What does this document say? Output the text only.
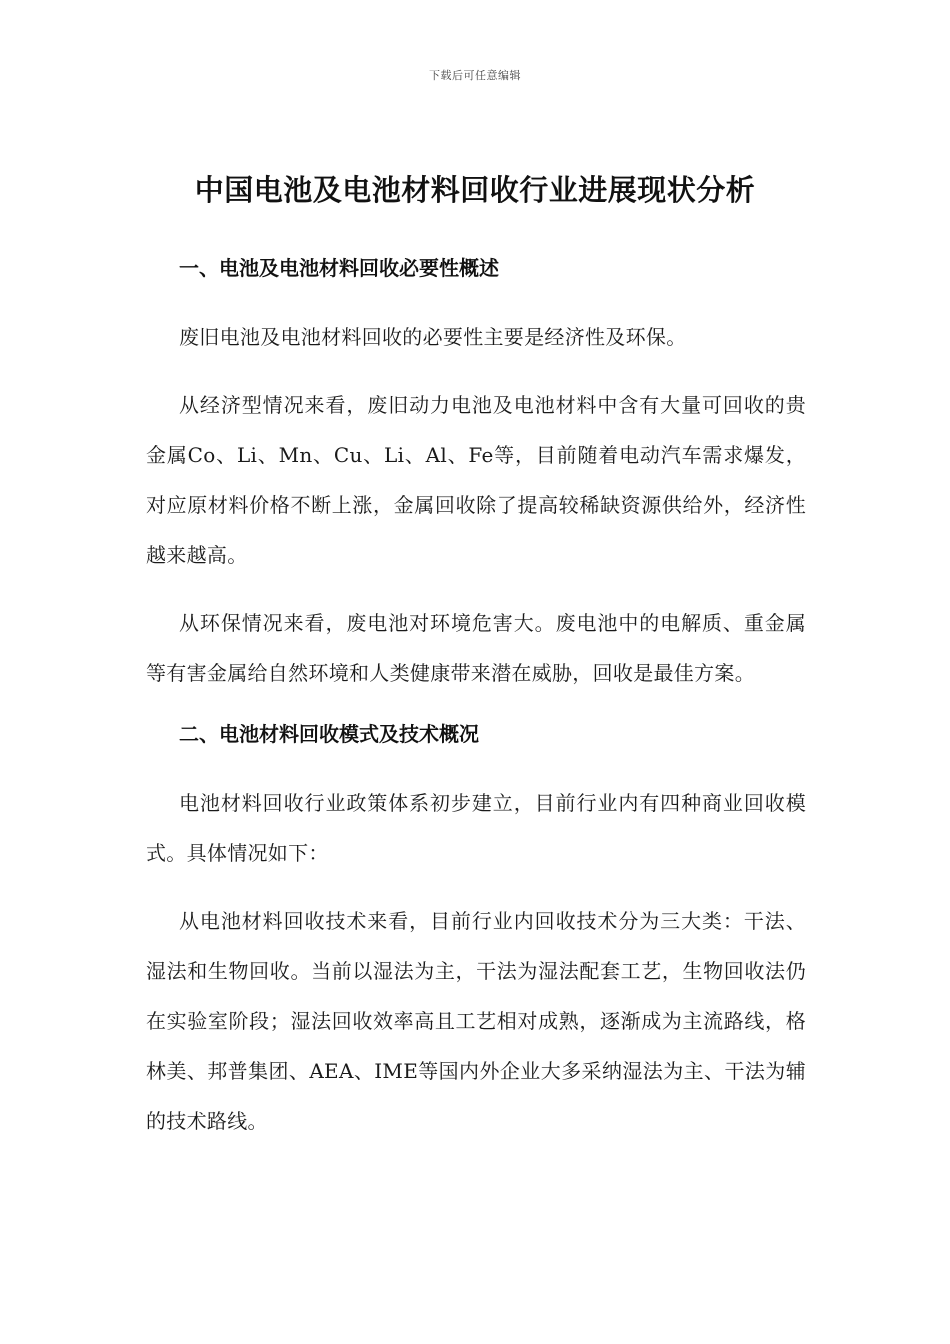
下载后可任意编辑
中国电池及电池材料回收行业进展现状分析
一、电池及电池材料回收必要性概述

废旧电池及电池材料回收的必要性主要是经济性及环保。

从经济型情况来看，废旧动力电池及电池材料中含有大量可回收的贵金属Co、Li、Mn、Cu、Li、Al、Fe等，目前随着电动汽车需求爆发，对应原材料价格不断上涨，金属回收除了提高较稀缺资源供给外，经济性越来越高。

从环保情况来看，废电池对环境危害大。废电池中的电解质、重金属等有害金属给自然环境和人类健康带来潜在威胁，回收是最佳方案。

二、电池材料回收模式及技术概况

电池材料回收行业政策体系初步建立，目前行业内有四种商业回收模式。具体情况如下：

从电池材料回收技术来看，目前行业内回收技术分为三大类：干法、湿法和生物回收。当前以湿法为主，干法为湿法配套工艺，生物回收法仍在实验室阶段；湿法回收效率高且工艺相对成熟，逐渐成为主流路线，格林美、邦普集团、AEA、IME等国内外企业大多采纳湿法为主、干法为辅的技术路线。
